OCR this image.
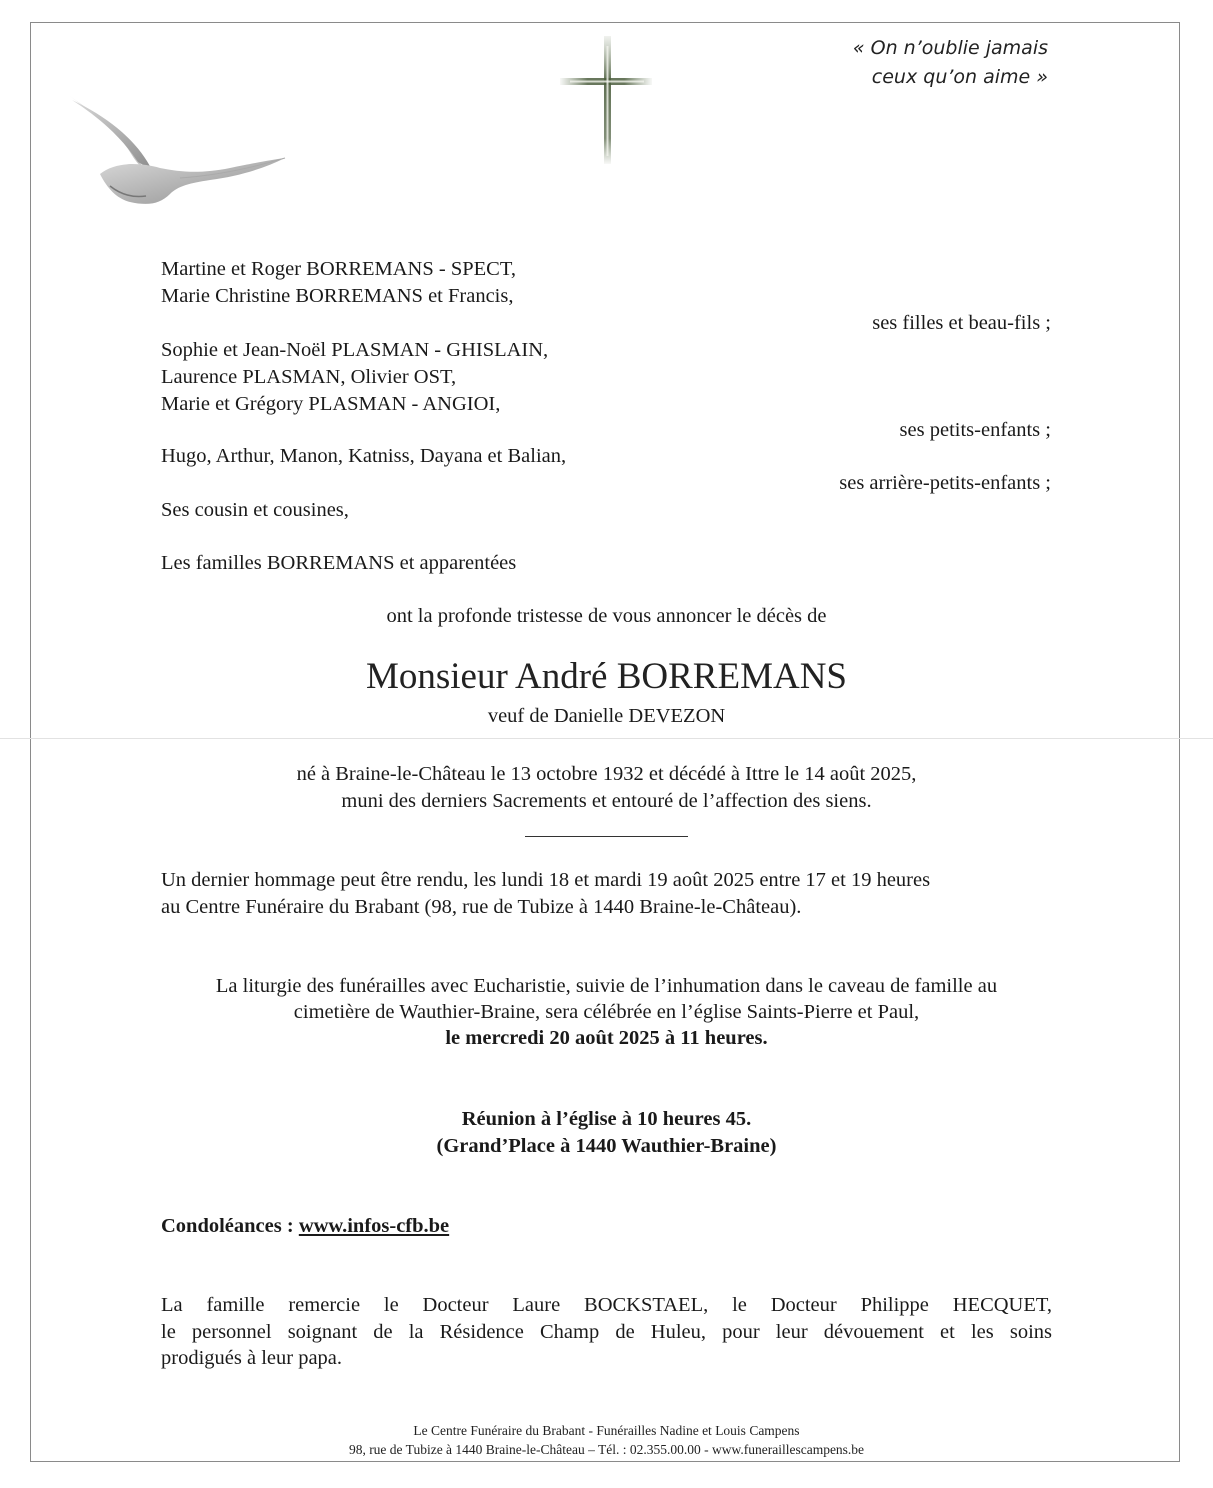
« On n’oublie jamais
ceux qu’on aime »
Martine et Roger BORREMANS - SPECT,
Marie Christine BORREMANS et Francis,
ses filles et beau-fils ;
Sophie et Jean-Noël PLASMAN - GHISLAIN,
Laurence PLASMAN, Olivier OST,
Marie et Grégory PLASMAN - ANGIOI,
ses petits-enfants ;
Hugo, Arthur, Manon, Katniss, Dayana et Balian,
ses arrière-petits-enfants ;
Ses cousin et cousines,
Les familles BORREMANS et apparentées
ont la profonde tristesse de vous annoncer le décès de
Monsieur André BORREMANS
veuf de Danielle DEVEZON
né à Braine-le-Château le 13 octobre 1932 et décédé à Ittre le 14 août 2025,
muni des derniers Sacrements et entouré de l’affection des siens.
Un dernier hommage peut être rendu, les lundi 18 et mardi 19 août 2025 entre 17 et 19 heures
au Centre Funéraire du Brabant (98, rue de Tubize à 1440 Braine-le-Château).
La liturgie des funérailles avec Eucharistie, suivie de l’inhumation dans le caveau de famille au
cimetière de Wauthier-Braine, sera célébrée en l’église Saints-Pierre et Paul,
le mercredi 20 août 2025 à 11 heures.
Réunion à l’église à 10 heures 45.
(Grand’Place à 1440 Wauthier-Braine)
Condoléances : www.infos-cfb.be
La famille remercie le Docteur Laure BOCKSTAEL, le Docteur Philippe HECQUET,
le personnel soignant de la Résidence Champ de Huleu, pour leur dévouement et les soins
prodigués à leur papa.
Le Centre Funéraire du Brabant - Funérailles Nadine et Louis Campens
98, rue de Tubize à 1440 Braine-le-Château – Tél. : 02.355.00.00 - www.funeraillescampens.be
